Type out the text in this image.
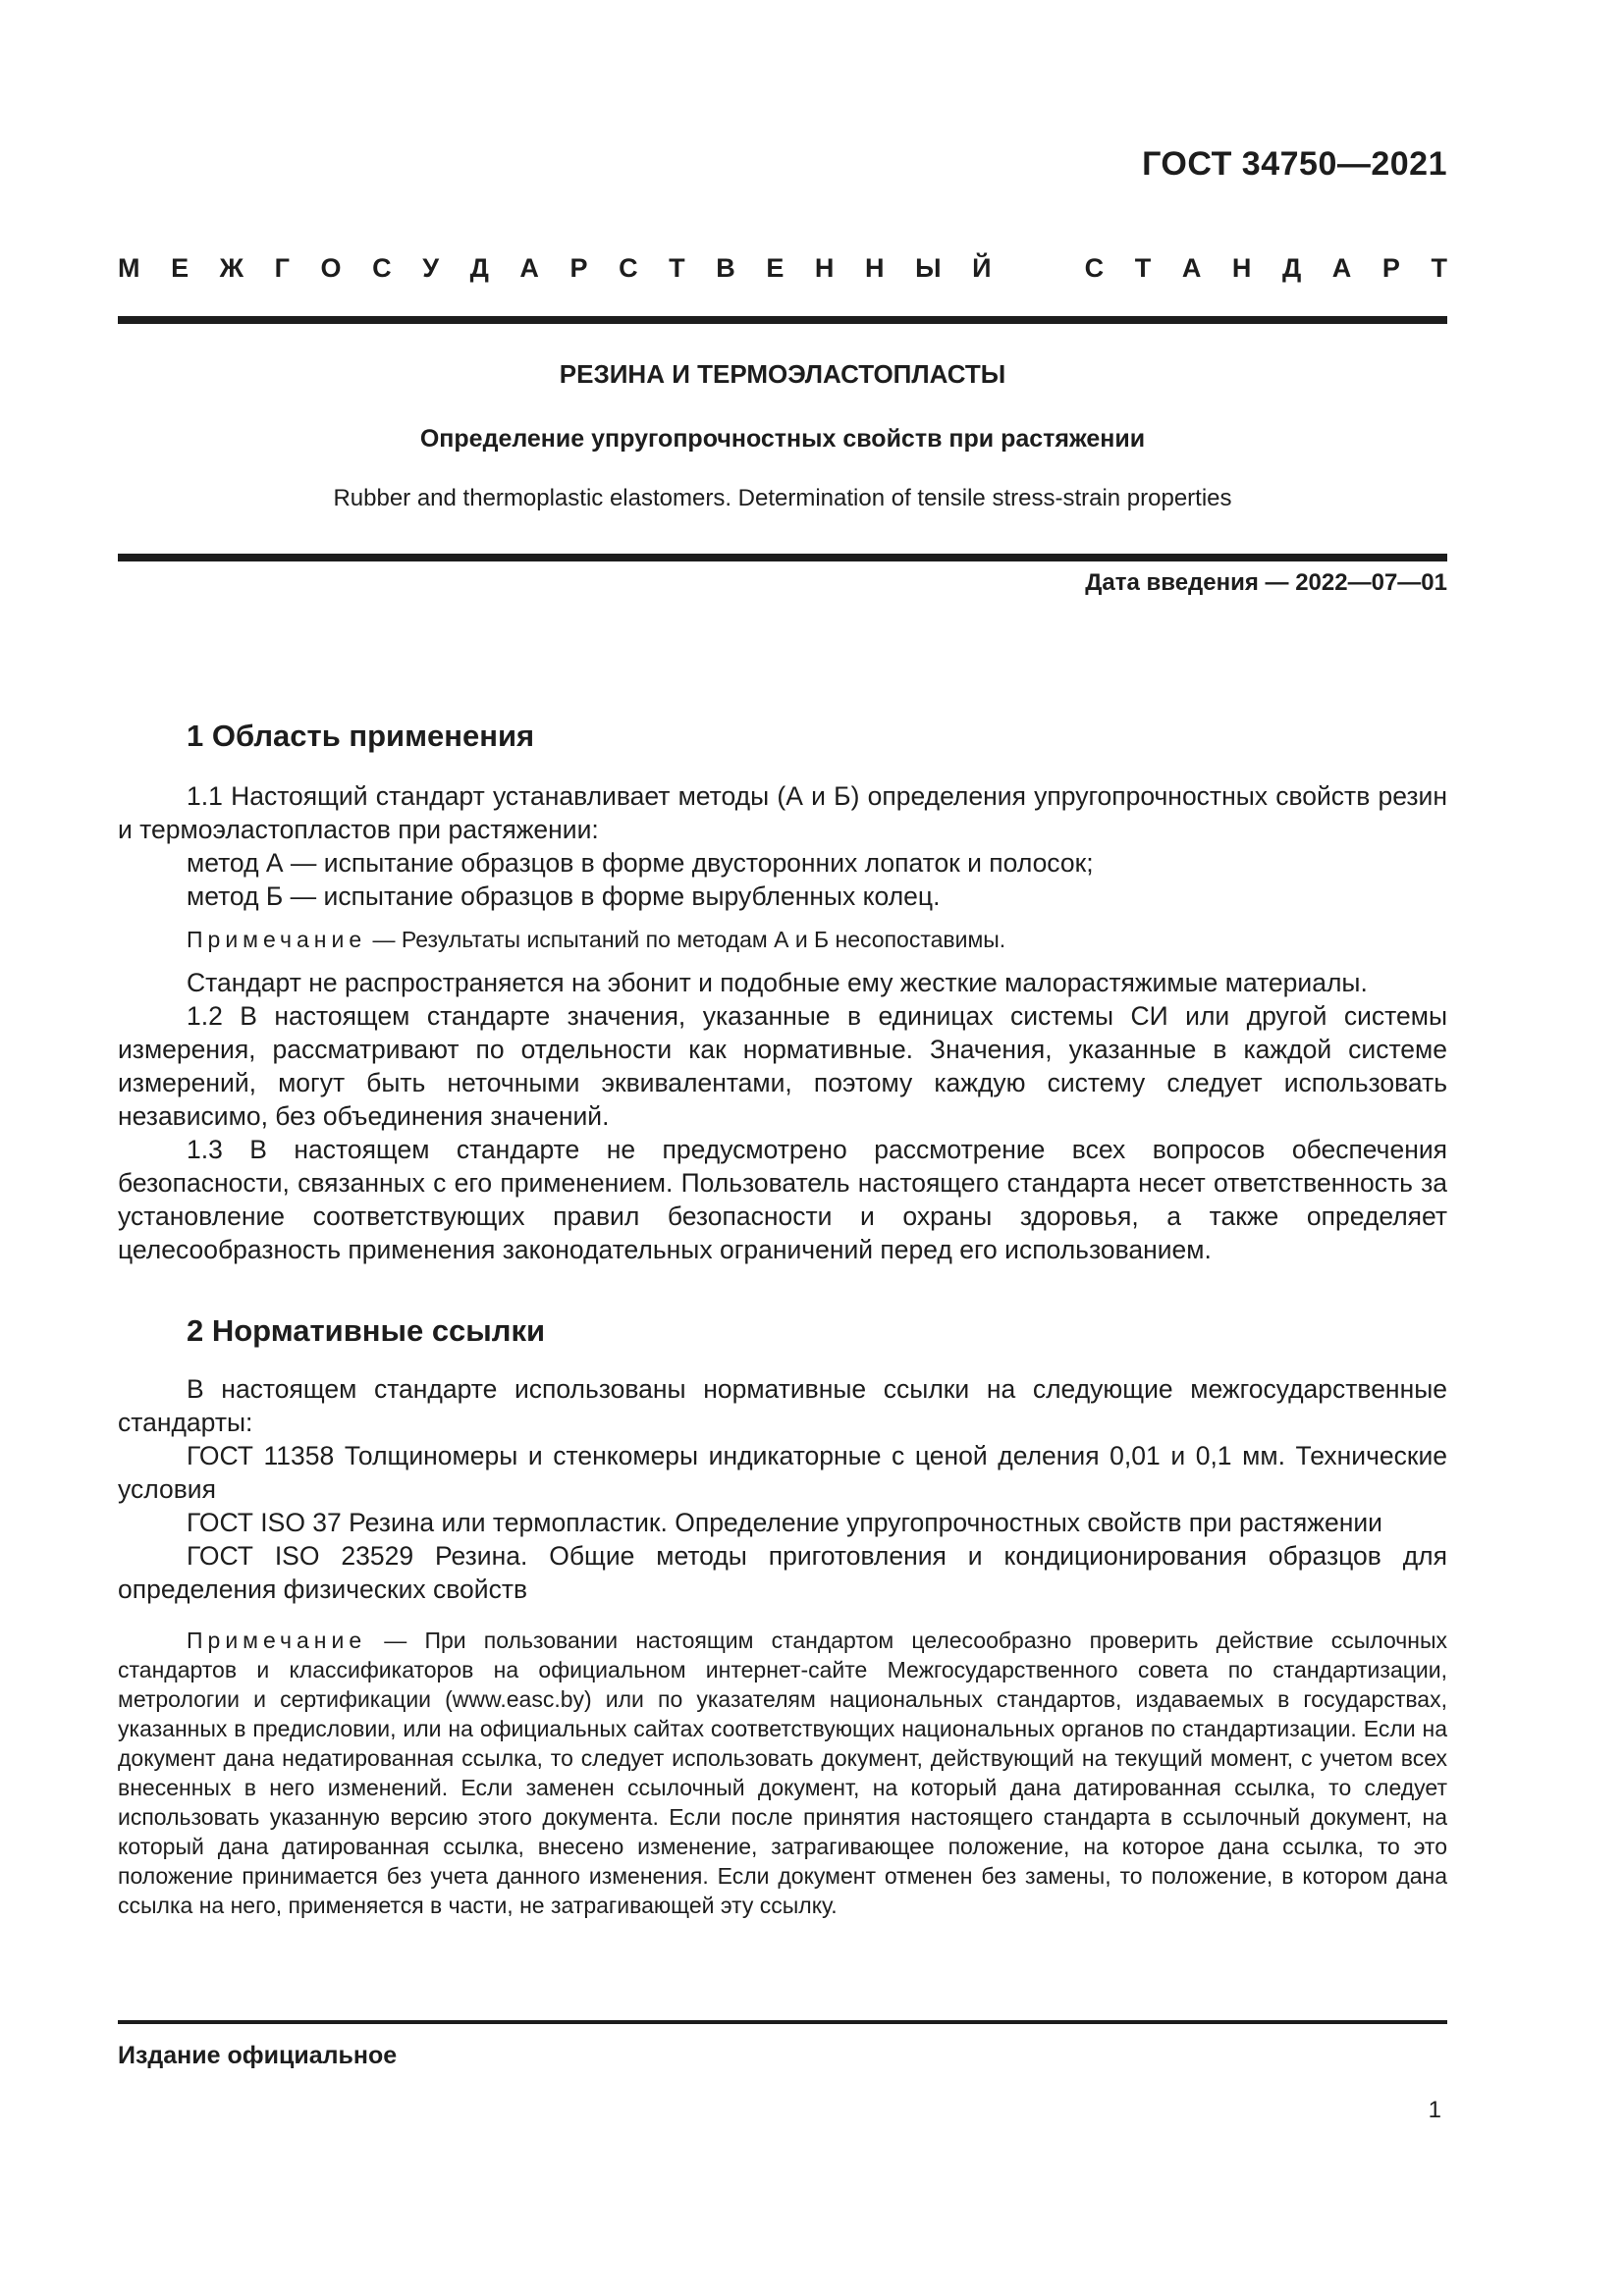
ГОСТ 34750—2021
М Е Ж Г О С У Д А Р С Т В Е Н Н Ы Й	С Т А Н Д А Р Т
РЕЗИНА И ТЕРМОЭЛАСТОПЛАСТЫ
Определение упругопрочностных свойств при растяжении
Rubber and thermoplastic elastomers. Determination of tensile stress-strain properties
Дата введения — 2022—07—01
1 Область применения

1.1 Настоящий стандарт устанавливает методы (А и Б) определения упругопрочностных свойств резин и термоэластопластов при растяжении:

метод А — испытание образцов в форме двусторонних лопаток и полосок;

метод Б — испытание образцов в форме вырубленных колец.

Примечание — Результаты испытаний по методам А и Б несопоставимы.

Стандарт не распространяется на эбонит и подобные ему жесткие малорастяжимые материалы.

1.2 В настоящем стандарте значения, указанные в единицах системы СИ или другой системы измерения, рассматривают по отдельности как нормативные. Значения, указанные в каждой системе измерений, могут быть неточными эквивалентами, поэтому каждую систему следует использовать независимо, без объединения значений.

1.3 В настоящем стандарте не предусмотрено рассмотрение всех вопросов обеспечения безопасности, связанных с его применением. Пользователь настоящего стандарта несет ответственность за установление соответствующих правил безопасности и охраны здоровья, а также определяет целесообразность применения законодательных ограничений перед его использованием.

2 Нормативные ссылки

В настоящем стандарте использованы нормативные ссылки на следующие межгосударственные стандарты:

ГОСТ 11358 Толщиномеры и стенкомеры индикаторные с ценой деления 0,01 и 0,1 мм. Технические условия

ГОСТ ISO 37 Резина или термопластик. Определение упругопрочностных свойств при растяжении

ГОСТ ISO 23529 Резина. Общие методы приготовления и кондиционирования образцов для определения физических свойств

Примечание — При пользовании настоящим стандартом целесообразно проверить действие ссылочных стандартов и классификаторов на официальном интернет-сайте Межгосударственного совета по стандартизации, метрологии и сертификации (www.easc.by) или по указателям национальных стандартов, издаваемых в государствах, указанных в предисловии, или на официальных сайтах соответствующих национальных органов по стандартизации. Если на документ дана недатированная ссылка, то следует использовать документ, действующий на текущий момент, с учетом всех внесенных в него изменений. Если заменен ссылочный документ, на который дана датированная ссылка, то следует использовать указанную версию этого документа. Если после принятия настоящего стандарта в ссылочный документ, на который дана датированная ссылка, внесено изменение, затрагивающее положение, на которое дана ссылка, то это положение принимается без учета данного изменения. Если документ отменен без замены, то положение, в котором дана ссылка на него, применяется в части, не затрагивающей эту ссылку.

Издание официальное
1
